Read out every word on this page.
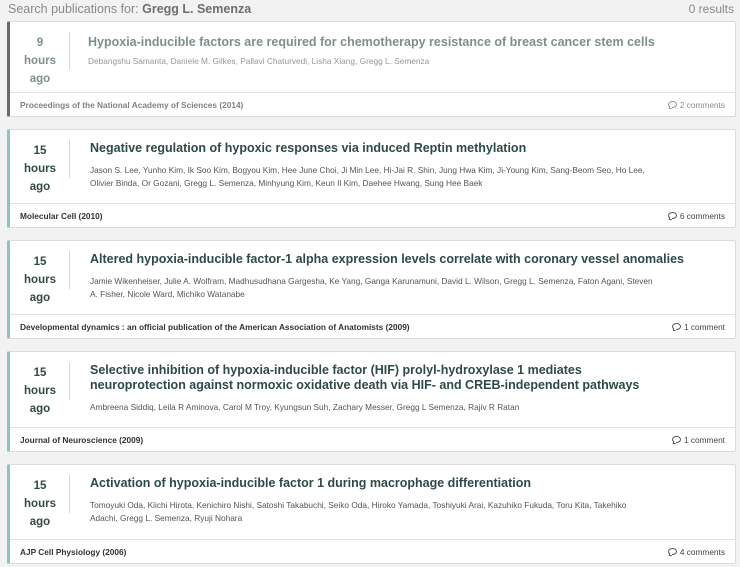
Search publications for: Gregg L. Semenza	0 results
9
hours
ago
Hypoxia-inducible factors are required for chemotherapy resistance of breast cancer stem cells
Debangshu Samanta, Daniele M. Gilkes, Pallavi Chaturvedi, Lisha Xiang, Gregg L. Semenza
Proceedings of the National Academy of Sciences (2014)	2 comments
15
hours
ago
Negative regulation of hypoxic responses via induced Reptin methylation
Jason S. Lee, Yunho Kim, Ik Soo Kim, Bogyou Kim, Hee June Choi, Ji Min Lee, Hi-Jai R. Shin, Jung Hwa Kim, Ji-Young Kim, Sang-Beom Seo, Ho Lee, Olivier Binda, Or Gozani, Gregg L. Semenza, Minhyung Kim, Keun Il Kim, Daehee Hwang, Sung Hee Baek
Molecular Cell (2010)	6 comments
15
hours
ago
Altered hypoxia-inducible factor-1 alpha expression levels correlate with coronary vessel anomalies
Jamie Wikenheiser, Julie A. Wolfram, Madhusudhana Gargesha, Ke Yang, Ganga Karunamuni, David L. Wilson, Gregg L. Semenza, Faton Agani, Steven A. Fisher, Nicole Ward, Michiko Watanabe
Developmental dynamics : an official publication of the American Association of Anatomists (2009)	1 comment
15
hours
ago
Selective inhibition of hypoxia-inducible factor (HIF) prolyl-hydroxylase 1 mediates neuroprotection against normoxic oxidative death via HIF- and CREB-independent pathways
Ambreena Siddiq, Leila R Aminova, Carol M Troy, Kyungsun Suh, Zachary Messer, Gregg L Semenza, Rajiv R Ratan
Journal of Neuroscience (2009)	1 comment
15
hours
ago
Activation of hypoxia-inducible factor 1 during macrophage differentiation
Tomoyuki Oda, Kiichi Hirota, Kenichiro Nishi, Satoshi Takabuchi, Seiko Oda, Hiroko Yamada, Toshiyuki Arai, Kazuhiko Fukuda, Toru Kita, Takehiko Adachi, Gregg L. Semenza, Ryuji Nohara
AJP Cell Physiology (2006)	4 comments
